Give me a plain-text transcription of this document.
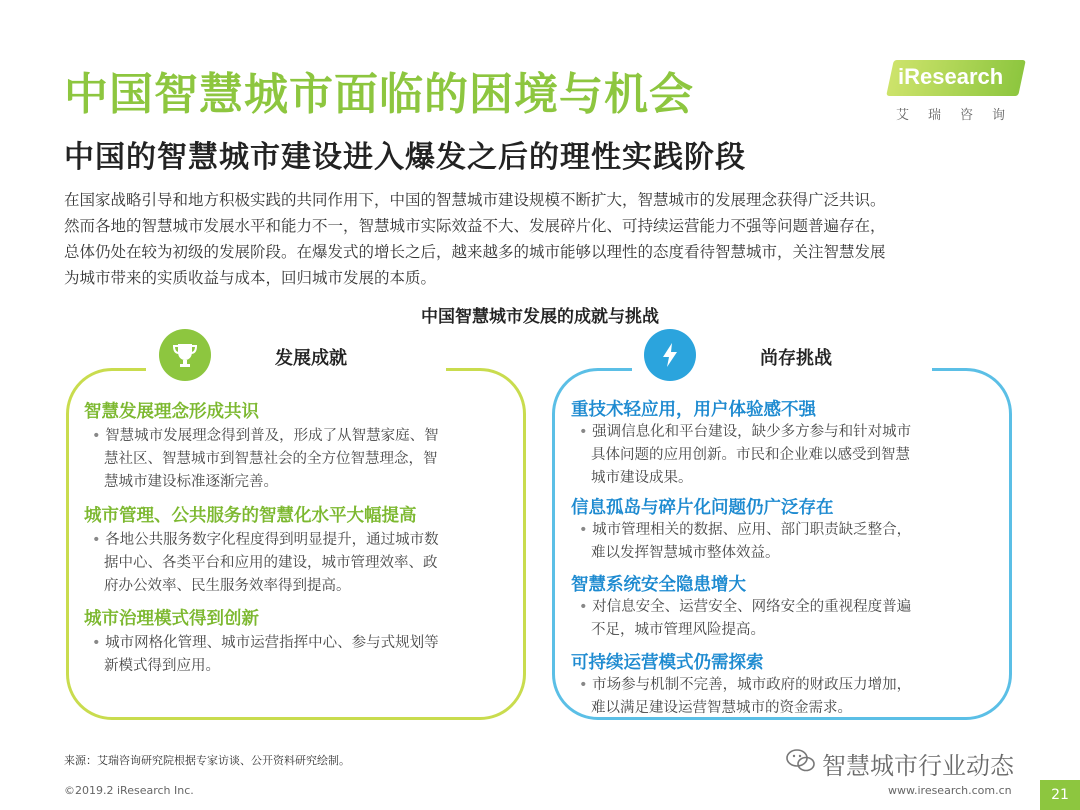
中国智慧城市面临的困境与机会
中国的智慧城市建设进入爆发之后的理性实践阶段
iResearch
艾瑞咨询
在国家战略引导和地方积极实践的共同作用下，中国的智慧城市建设规模不断扩大，智慧城市的发展理念获得广泛共识。
然而各地的智慧城市发展水平和能力不一，智慧城市实际效益不大、发展碎片化、可持续运营能力不强等问题普遍存在，
总体仍处在较为初级的发展阶段。在爆发式的增长之后，越来越多的城市能够以理性的态度看待智慧城市，关注智慧发展
为城市带来的实质收益与成本，回归城市发展的本质。
中国智慧城市发展的成就与挑战
发展成就
智慧发展理念形成共识
• 智慧城市发展理念得到普及，形成了从智慧家庭、智
慧社区、智慧城市到智慧社会的全方位智慧理念，智
慧城市建设标准逐渐完善。
城市管理、公共服务的智慧化水平大幅提高
• 各地公共服务数字化程度得到明显提升，通过城市数
据中心、各类平台和应用的建设，城市管理效率、政
府办公效率、民生服务效率得到提高。
城市治理模式得到创新
• 城市网格化管理、城市运营指挥中心、参与式规划等
新模式得到应用。
尚存挑战
重技术轻应用，用户体验感不强
• 强调信息化和平台建设，缺少多方参与和针对城市
具体问题的应用创新。市民和企业难以感受到智慧
城市建设成果。
信息孤岛与碎片化问题仍广泛存在
• 城市管理相关的数据、应用、部门职责缺乏整合，
难以发挥智慧城市整体效益。
智慧系统安全隐患增大
• 对信息安全、运营安全、网络安全的重视程度普遍
不足，城市管理风险提高。
可持续运营模式仍需探索
• 市场参与机制不完善，城市政府的财政压力增加，
难以满足建设运营智慧城市的资金需求。
来源：艾瑞咨询研究院根据专家访谈、公开资料研究绘制。
©2019.2 iResearch Inc.	www.iresearch.com.cn	21
智慧城市行业动态
